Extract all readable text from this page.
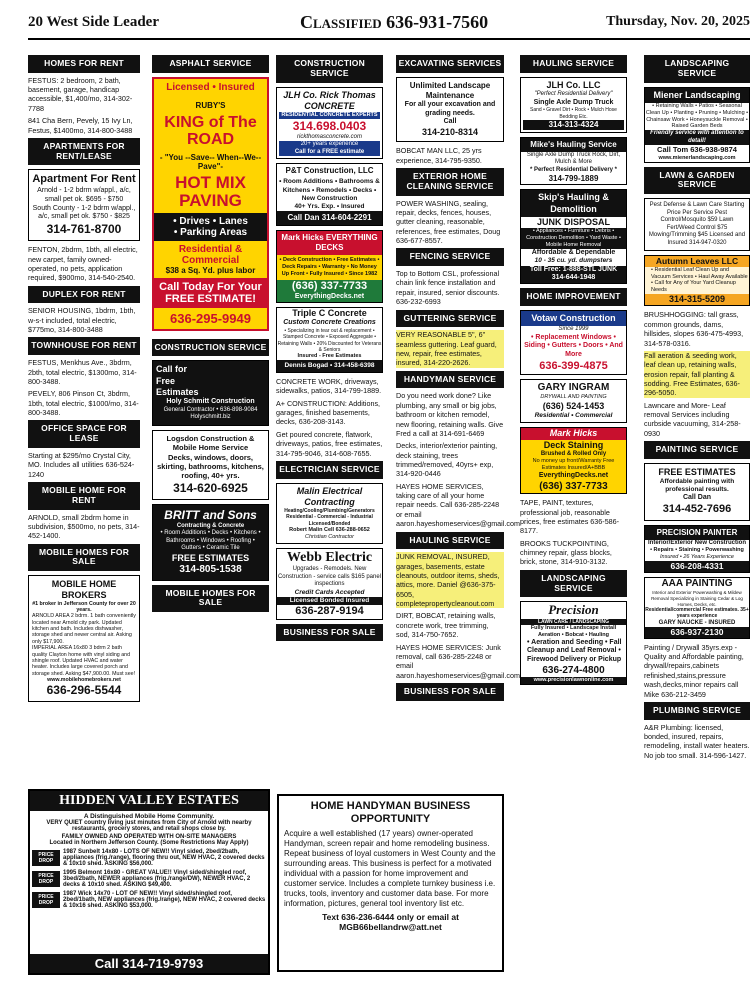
20 West Side Leader	Classified 636-931-7560	Thursday, Nov. 20, 2025
HOMES FOR RENT
FESTUS: 2 bedroom, 2 bath, basement, garage, handicap accessible, $1,400/mo, 314-302-7788
841 Cha Bern, Pevely, 15 Ivy Ln, Festus, $1400mo, 314-800-3488
APARTMENTS FOR RENT/LEASE
Apartment For Rent
Arnold - 1-2 bdrm w/appl., a/c, small pet ok. $695 - $750
South County - 1-2 bdrm w/appl., a/c, small pet ok. $750 - $825
314-761-8700
FENTON, 2bdrm, 1bth, all electric, new carpet, family owned-operated, no pets, application required, $900mo, 314-540-2540.
DUPLEX FOR RENT
SENIOR HOUSING, 1bdrm, 1bth, w-s-t included, total electric, $775mo, 314-800-3488
TOWNHOUSE FOR RENT
FESTUS, Menkhus Ave., 3bdrm, 2bth, total electric, $1300mo, 314-800-3488.
PEVELY, 806 Pinson Ct, 3bdrm, 1bth, total electric, $1000/mo, 314-800-3488.
OFFICE SPACE FOR LEASE
Starting at $295/mo Crystal City, MO. Includes all utilities 636-524-1240
MOBILE HOME FOR RENT
ARNOLD, small 2bdrm home in subdivision, $500mo, no pets, 314-452-1400.
MOBILE HOMES FOR SALE
MOBILE HOME BROKERS
#1 broker in Jefferson County for over 20 years.
ARNOLD AREA 2 bdrm. 1 bath conveniently located near Arnold city park. Updated kitchen and bath. Includes dishwasher, storage shed and newer central air. Asking only $17,900.
IMPERIAL AREA 16x80 3 bdrm 2 bath quality Clayton home with vinyl siding and shingle roof. Updated HVAC and water heater. Includes large covered porch and storage shed. Asking $47,900.00. Must see!
www.mobilehomebrokers.net
636-296-5544
ASPHALT SERVICE
Licensed • Insured
RUBY'S
KING of The ROAD
- "You --Save-- When--We--Pave"-
HOT MIX PAVING
• Drives • Lanes
• Parking Areas
Residential & Commercial
$38 a Sq. Yd. plus labor
Call Today For Your FREE ESTIMATE!
636-295-9949
CONSTRUCTION SERVICE
Call for Free Estimates
Holy Schmitt Construction
General Contractor • 636-898-9084
Holyschmitt.biz
Logsdon Construction & Mobile Home Service
Decks, windows, doors, skirting, bathrooms, kitchens, roofing, 40+ yrs.
314-620-6925
BRITT and Sons
Contracting & Concrete
• Room Additions • Decks • Kitchens • Bathrooms • Windows • Roofing • Gutters • Ceramic Tile
FREE ESTIMATES
314-805-1538
MOBILE HOMES FOR SALE
HIDDEN VALLEY ESTATES
A Distinguished Mobile Home Community.
VERY QUIET country living just minutes from City of Arnold with nearby restaurants, grocery stores, and retail shops close by.
FAMILY OWNED AND OPERATED WITH ON-SITE MANAGERS
Located in Northern Jefferson County. (Some Restrictions May Apply)
PRICE DROP
1987 Sunbelt 14x80 - LOTS OF NEW!! Vinyl sided, 2bed/2bath, appliances (frig./range), flooring thru out, NEW HVAC, 2 covered decks & 10x10 shed. ASKING $56,000.
PRICE DROP
1995 Belmont 16x80 - GREAT VALUE!! Vinyl sided/shingled roof, 3bed/2bath, NEWER appliances (frig./range/DW), NEWER HVAC, 2 decks & 10x10 shed. ASKING $49,400.
PRICE DROP
1987 Wick 14x70 - LOT OF NEW!! Vinyl sided/shingled roof, 2bed/1bath, NEW appliances (frig./range), NEW HVAC, 2 covered decks & 10x16 shed. ASKING $53,000.
Call 314-719-9793
CONSTRUCTION SERVICE
JLH Co. Rick Thomas CONCRETE
RESIDENTIAL CONCRETE EXPERTS
314.698.0403
rickthomasconcrete.com
20+ years experience
Call for a FREE estimate
P&T Construction, LLC
• Room Additions • Bathrooms & Kitchens • Remodels • Decks • New Construction
40+ Yrs. Exp. • Insured
Call Dan 314-604-2291
Mark Hicks EVERYTHING DECKS
• Deck Construction • Free Estimates • Deck Repairs • Warranty • No Money Up Front • Fully Insured • Since 1982
(636) 337-7733
EverythingDecks.net
Triple C Concrete
Custom Concrete Creations
• Specializing in tear out & replacement • Stamped Concrete • Exposed Aggregate • Retaining Walls • 20% Discounted for Veterans & Seniors
Insured - Free Estimates
Dennis Bogad • 314-458-6398
CONCRETE WORK, driveways, sidewalks, patios, 314-799-1889.
A+ CONSTRUCTION: Additions, garages, finished basements, decks, 636-208-3143.
Get poured concrete, flatwork, driveways, patios, free estimates, 314-795-9046, 314-608-7655.
ELECTRICIAN SERVICE
Malin Electrical Contracting
Heating/Cooling/Plumbing/Generators Residential - Commercial - Industrial Licensed/Bonded
Robert Malin Cell 636-288-0652
Christian Contractor
Webb Electric
Upgrades - Remodels. New Construction - service calls $165 panel inspections
Credit Cards Accepted
Licensed Bonded Insured
636-287-9194
BUSINESS FOR SALE
EXCAVATING SERVICES
Unlimited Landscape Maintenance
For all your excavation and grading needs.
Call
314-210-8314
BOBCAT MAN LLC, 25 yrs experience, 314-795-9350.
EXTERIOR HOME CLEANING SERVICE
POWER WASHING, sealing, repair, decks, fences, houses, gutter cleaning, reasonable, references, free estimates, Doug 636-677-8557.
FENCING SERVICE
Top to Bottom CSL, professional chain link fence installation and repair, insured, senior discounts. 636-232-6993
GUTTERING SERVICE
VERY REASONABLE 5", 6" seamless guttering. Leaf guard, new, repair, free estimates, insured, 314-220-2626.
HANDYMAN SERVICE
Do you need work done? Like plumbing, any small or big jobs, bathroom or kitchen remodel, new flooring, retaining walls. Give Fred a call at 314-691-6469
Decks, interior/exterior painting, deck staining, trees trimmed/removed, 40yrs+ exp, 314-920-0446
HAYES HOME SERVICES, taking care of all your home repair needs. Call 636-285-2248 or email aaron.hayeshomeservices@gmail.com
HAULING SERVICE
JUNK REMOVAL, INSURED, garages, basements, estate cleanouts, outdoor items, sheds, attics, more. Daniel @636-375-6505, completepropertycleanout.com
DIRT, BOBCAT, retaining walls, concrete work, tree trimming, sod, 314-750-7652.
HAYES HOME SERVICES: Junk removal, call 636-285-2248 or email aaron.hayeshomeservices@gmail.com
BUSINESS FOR SALE
HOME HANDYMAN BUSINESS OPPORTUNITY
Acquire a well established (17 years) owner-operated Handyman, screen repair and home remodeling business. Repeat business of loyal customers in West County and the surrounding areas. This business is perfect for a motivated individual with a passion for home improvement and customer service. Includes a complete turnkey business i.e. trucks, tools, inventory and customer data base. For more information, pictures, general tool inventory list etc.
Text 636-236-6444 only or email at MGB66bellandrw@att.net
HAULING SERVICE
JLH Co. LLC
"Perfect Residential Delivery"
Single Axle Dump Truck
Sand • Gravel Dirt • Rock • Mulch Hose Bedding Etc.
314-313-4324
Mike's Hauling Service
Single Axle Dump Truck Rock, Dirt, Mulch & More
* Perfect Residential Delivery *
314-799-1889
Skip's Hauling & Demolition
JUNK DISPOSAL
• Appliances • Furniture • Debris • Construction Demolition • Yard Waste • Mobile Home Removal
Affordable & Dependable
10 - 35 cu. yd. dumpsters
Toll Free: 1-888-STL JUNK
314-644-1948
HOME IMPROVEMENT
Votaw Construction
Since 1999
• Replacement Windows • Siding • Gutters • Doors • And More
636-399-4875
GARY INGRAM
DRYWALL AND PAINTING
(636) 524-1453
Residential • Commercial
Mark Hicks
Deck Staining
Brushed & Rolled Only
No money up front/Warranty Free Estimates Insured/A+BBB
EverythingDecks.net
(636) 337-7733
TAPE, PAINT, textures, professional job, reasonable prices, free estimates 636-586-8177.
BROOKS TUCKPOINTING, chimney repair, glass blocks, brick, stone, 314-910-3132.
LANDSCAPING SERVICE
Precision
LAWN CARE / LANDSCAPING
Fully Insured • Landscape Install Aeration • Bobcat • Hauling
• Aeration and Seeding • Fall Cleanup and Leaf Removal • Firewood Delivery or Pickup
636-274-4800
www.precisionlawnonline.com
LANDSCAPING SERVICE
Miener Landscaping
• Retaining Walls • Patios • Seasonal Clean Up • Planting • Pruning • Mulching • Chainsaw Work • Honeysuckle Removal • Raised Garden Beds
Friendly service with attention to detail!
Call Tom 636-938-9874
www.mienerlandscaping.com
LAWN & GARDEN SERVICE
Pest Defense & Lawn Care Starting Price Per Service Pest Control/Mosquito $59 Lawn Fert/Weed Control $75 Mowing/Trimming $45 Licensed and Insured 314-947-0320
Autumn Leaves LLC
• Residential Leaf Clean Up and Vacuum Services • Haul Away Available • Call for Any of Your Yard Cleanup Needs
314-315-5209
BRUSHHOGGING: tall grass, common grounds, dams, hillsides, slopes 636-475-4993, 314-578-0316.
Fall aeration & seeding work, leaf clean up, retaining walls, erosion repair, fall planting & sodding. Free Estimates, 636-296-5050.
Lawncare and More- Leaf removal Services including curbside vacuuming, 314-258-0930
PAINTING SERVICE
FREE ESTIMATES
Affordable painting with professional results.
Call Dan
314-452-7696
PRECISION PAINTER
Interior/Exterior New Construction
• Repairs • Staining • Powerwashing
Insured • 26 Years Experience
636-208-4331
AAA PAINTING
Interior and Exterior Powerwashing & Mildew Removal Specializing in Staining Cedar & Log Homes, Decks, etc.
Residential/commercial Free estimates. 35+ years experience
GARY NAUCKE - INSURED
636-937-2130
Painting / Drywall 35yrs.exp - Quality and Affordable painting, drywall/repairs,cabinets refinished,stains,pressure wash,decks,minor repairs call Mike 636-212-3459
PLUMBING SERVICE
A&R Plumbing: licensed, bonded, insured, repairs, remodeling, install water heaters. No job too small. 314-596-1427.
